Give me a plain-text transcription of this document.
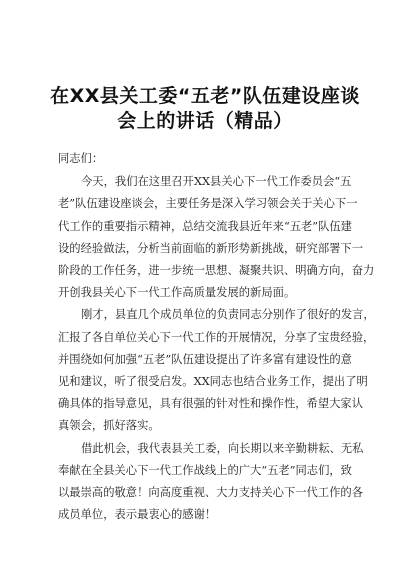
在XX县关工委“五老”队伍建设座谈
会上的讲话（精品）
同志们：
今天，我们在这里召开XX县关心下一代工作委员会“五
老”队伍建设座谈会，主要任务是深入学习领会关于关心下一
代工作的重要指示精神，总结交流我县近年来“五老”队伍建
设的经验做法，分析当前面临的新形势新挑战，研究部署下一
阶段的工作任务，进一步统一思想、凝聚共识、明确方向，奋力
开创我县关心下一代工作高质量发展的新局面。
刚才，县直几个成员单位的负责同志分别作了很好的发言，
汇报了各自单位关心下一代工作的开展情况，分享了宝贵经验，
并围绕如何加强“五老”队伍建设提出了许多富有建设性的意
见和建议，听了很受启发。XX同志也结合业务工作，提出了明
确具体的指导意见，具有很强的针对性和操作性，希望大家认
真领会，抓好落实。
借此机会，我代表县关工委，向长期以来辛勤耕耘、无私
奉献在全县关心下一代工作战线上的广大“五老”同志们，致
以最崇高的敬意！向高度重视、大力支持关心下一代工作的各
成员单位，表示最衷心的感谢！
